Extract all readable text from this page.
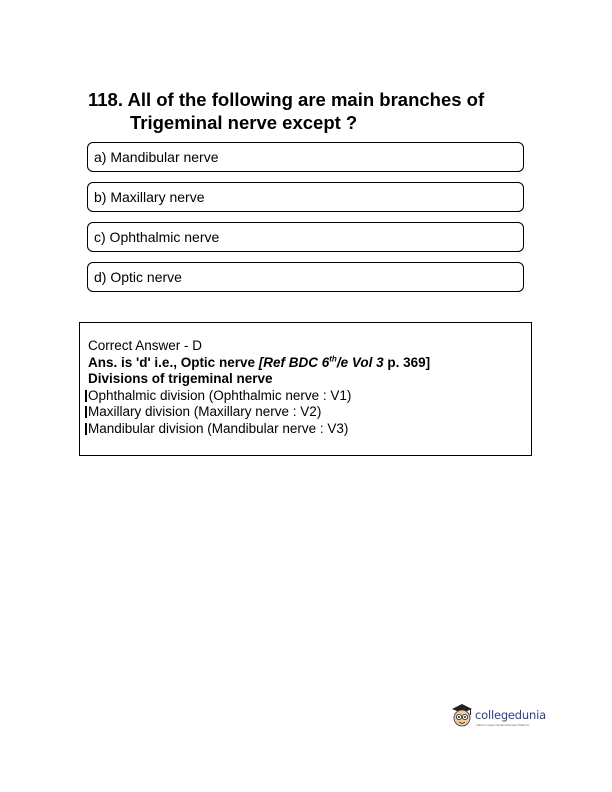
118. All of the following are main branches of
Trigeminal nerve except ?
a) Mandibular nerve
b) Maxillary nerve
c) Ophthalmic nerve
d) Optic nerve
Correct Answer - D
Ans. is 'd' i.e., Optic nerve [Ref BDC 6th/e Vol 3 p. 369]
Divisions of trigeminal nerve
Ophthalmic division (Ophthalmic nerve : V1)
Maxillary division (Maxillary nerve : V2)
Mandibular division (Mandibular nerve : V3)
collegedunia
India's Largest Student Review Platform
